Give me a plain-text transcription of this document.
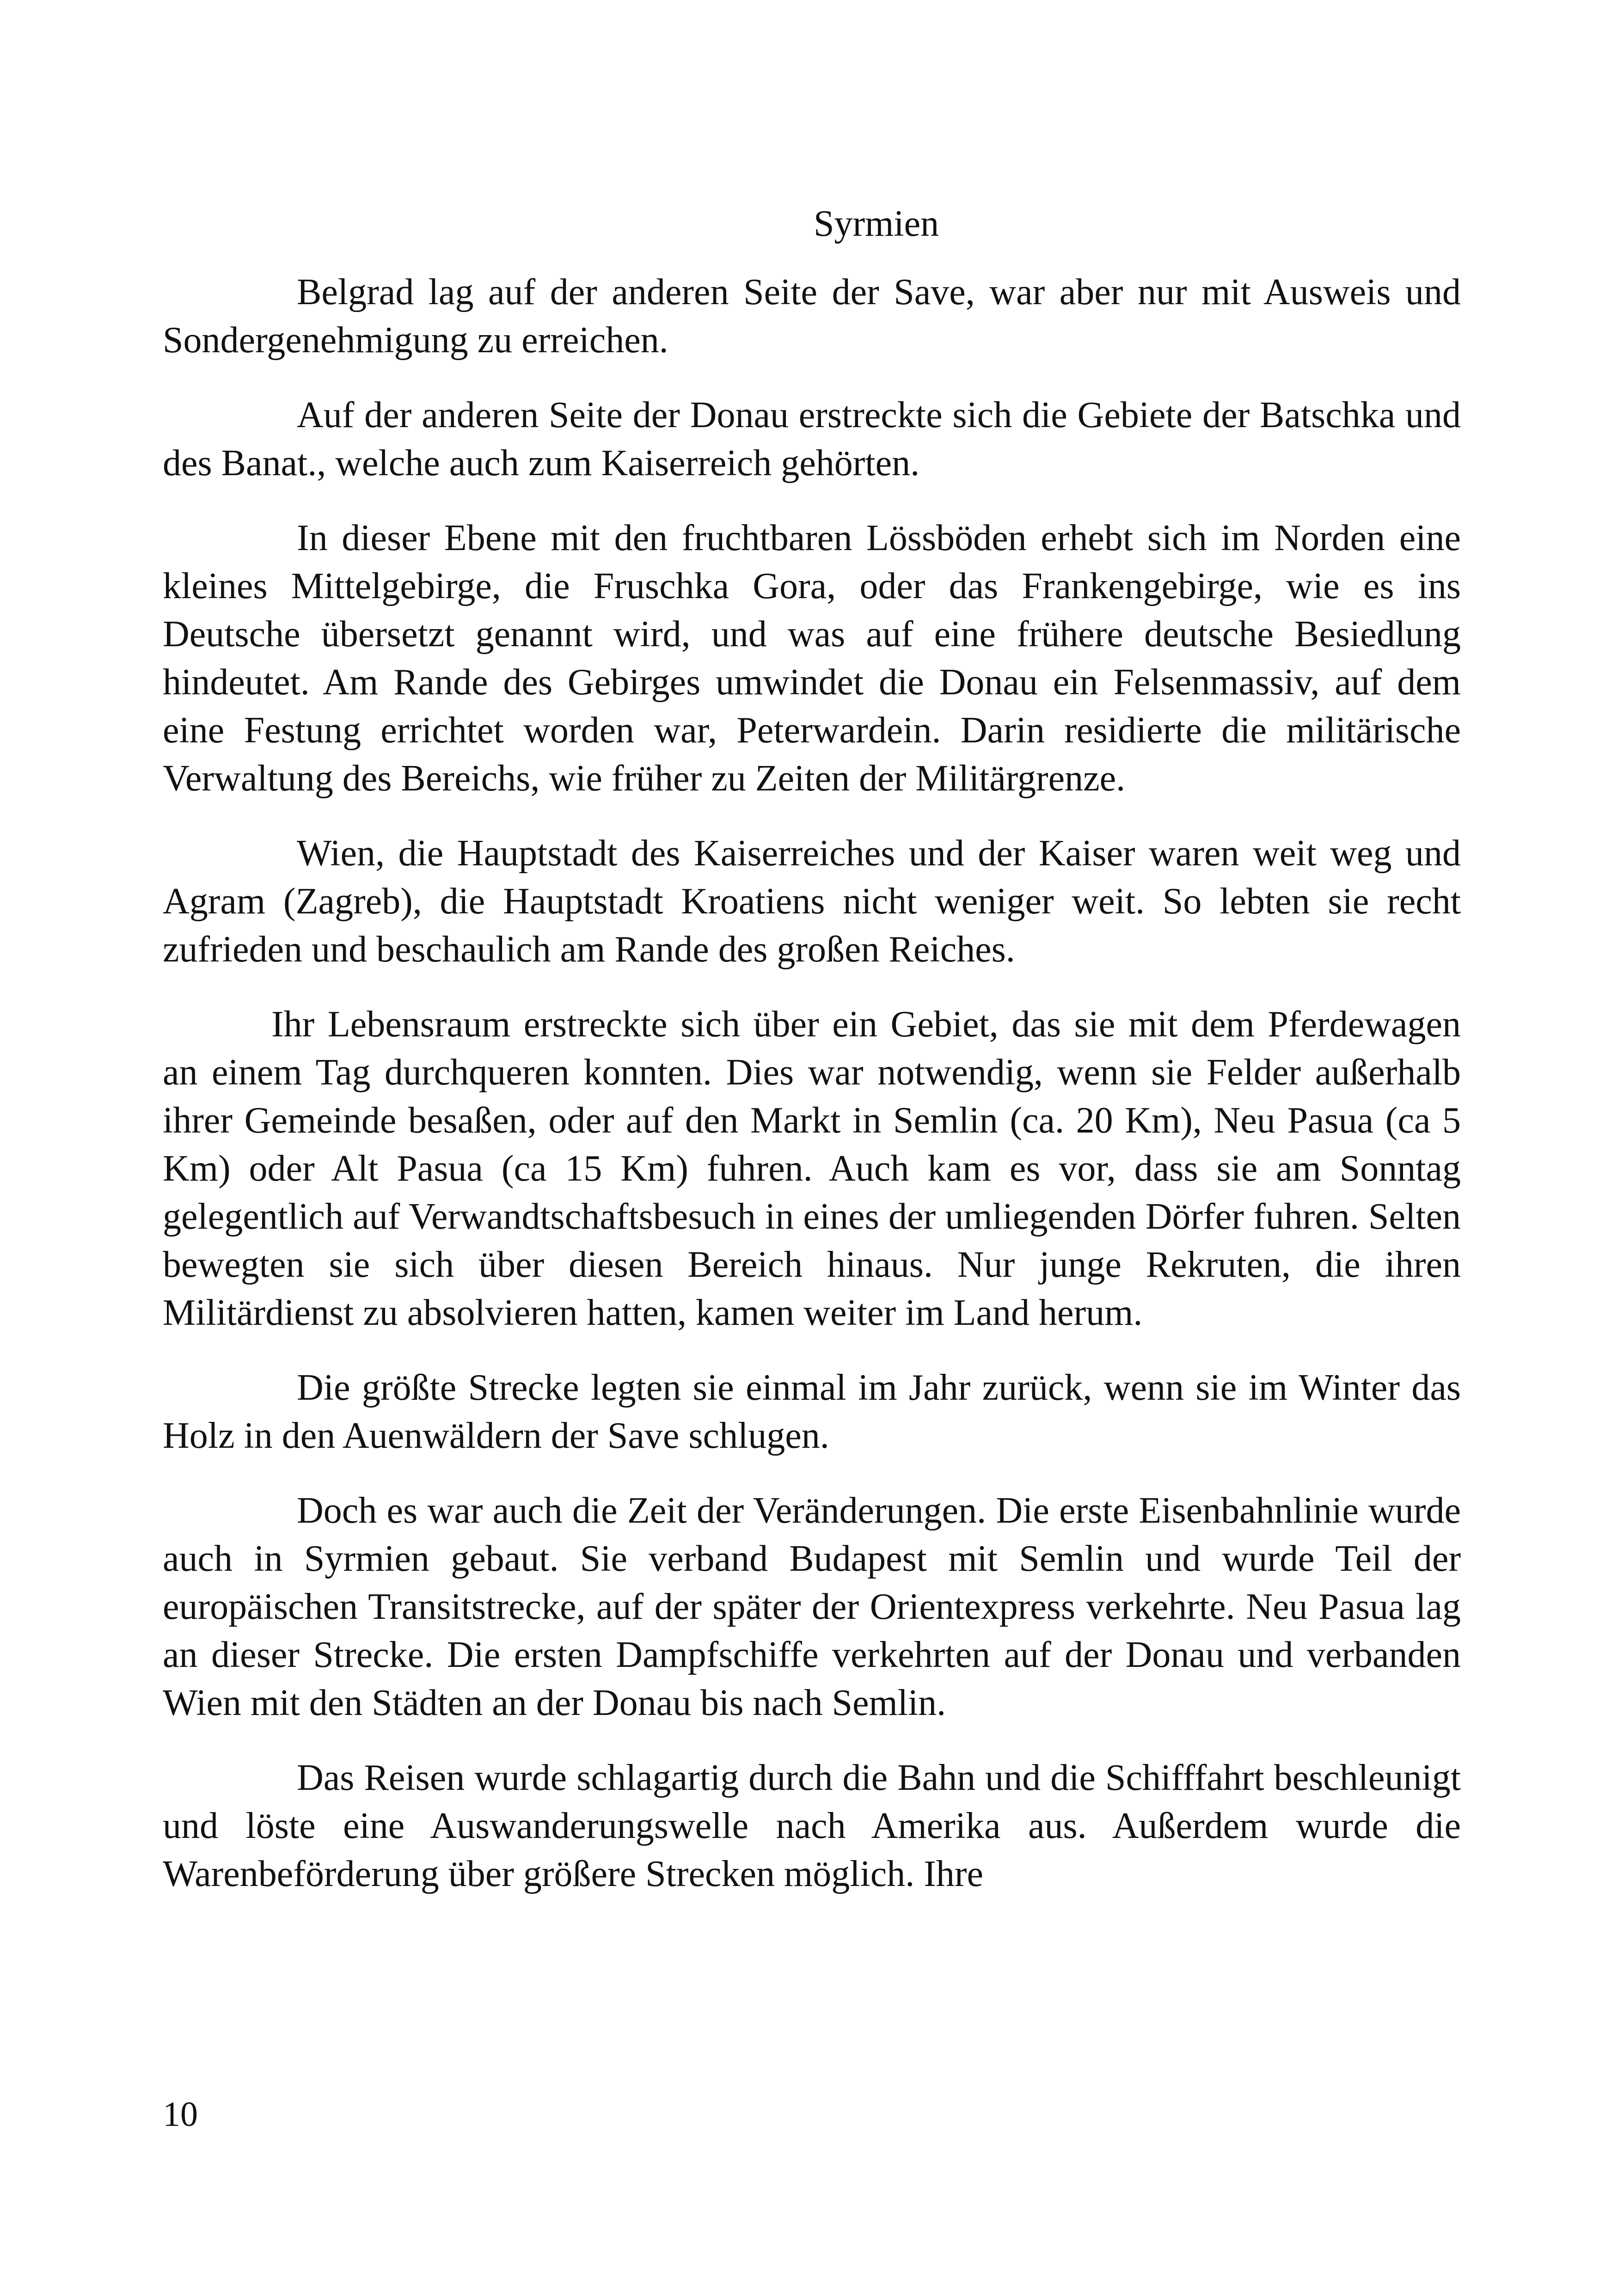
Syrmien

Belgrad lag auf der anderen Seite der Save, war aber nur mit Ausweis und Sondergenehmigung zu erreichen.

Auf der anderen Seite der Donau erstreckte sich die Gebiete der Batschka und des Banat., welche auch zum Kaiserreich gehörten.

In dieser Ebene mit den fruchtbaren Lössböden erhebt sich im Norden eine kleines Mittelgebirge, die Fruschka Gora, oder das Frankengebirge, wie es ins Deutsche übersetzt genannt wird, und was auf eine frühere deutsche Besiedlung hindeutet. Am Rande des Gebirges umwindet die Donau ein Felsenmassiv, auf dem eine Festung errichtet worden war, Peterwardein. Darin residierte die militärische Verwaltung des Bereichs, wie früher zu Zeiten der Militärgrenze.

Wien, die Hauptstadt des Kaiserreiches und der Kaiser waren weit weg und Agram (Zagreb), die Hauptstadt Kroatiens nicht weniger weit. So lebten sie recht zufrieden und beschaulich am Rande des großen Reiches.

Ihr Lebensraum erstreckte sich über ein Gebiet, das sie mit dem Pferdewagen an einem Tag durchqueren konnten. Dies war notwendig, wenn sie Felder außerhalb ihrer Gemeinde besaßen, oder auf den Markt in Semlin (ca. 20 Km), Neu Pasua (ca 5 Km) oder Alt Pasua (ca 15 Km) fuhren. Auch kam es vor, dass sie am Sonntag gelegentlich auf Verwandtschaftsbesuch in eines der umliegenden Dörfer fuhren. Selten bewegten sie sich über diesen Bereich hinaus. Nur junge Rekruten, die ihren Militärdienst zu absolvieren hatten, kamen weiter im Land herum.

Die größte Strecke legten sie einmal im Jahr zurück, wenn sie im Winter das Holz in den Auenwäldern der Save schlugen.

Doch es war auch die Zeit der Veränderungen. Die erste Eisenbahnlinie wurde auch in Syrmien gebaut. Sie verband Budapest mit Semlin und wurde Teil der europäischen Transitstrecke, auf der später der Orientexpress verkehrte. Neu Pasua lag an dieser Strecke. Die ersten Dampfschiffe verkehrten auf der Donau und verbanden Wien mit den Städten an der Donau bis nach Semlin.

Das Reisen wurde schlagartig durch die Bahn und die Schifffahrt beschleunigt und löste eine Auswanderungswelle nach Amerika aus. Außerdem wurde die Warenbeförderung über größere Strecken möglich. Ihre

10
